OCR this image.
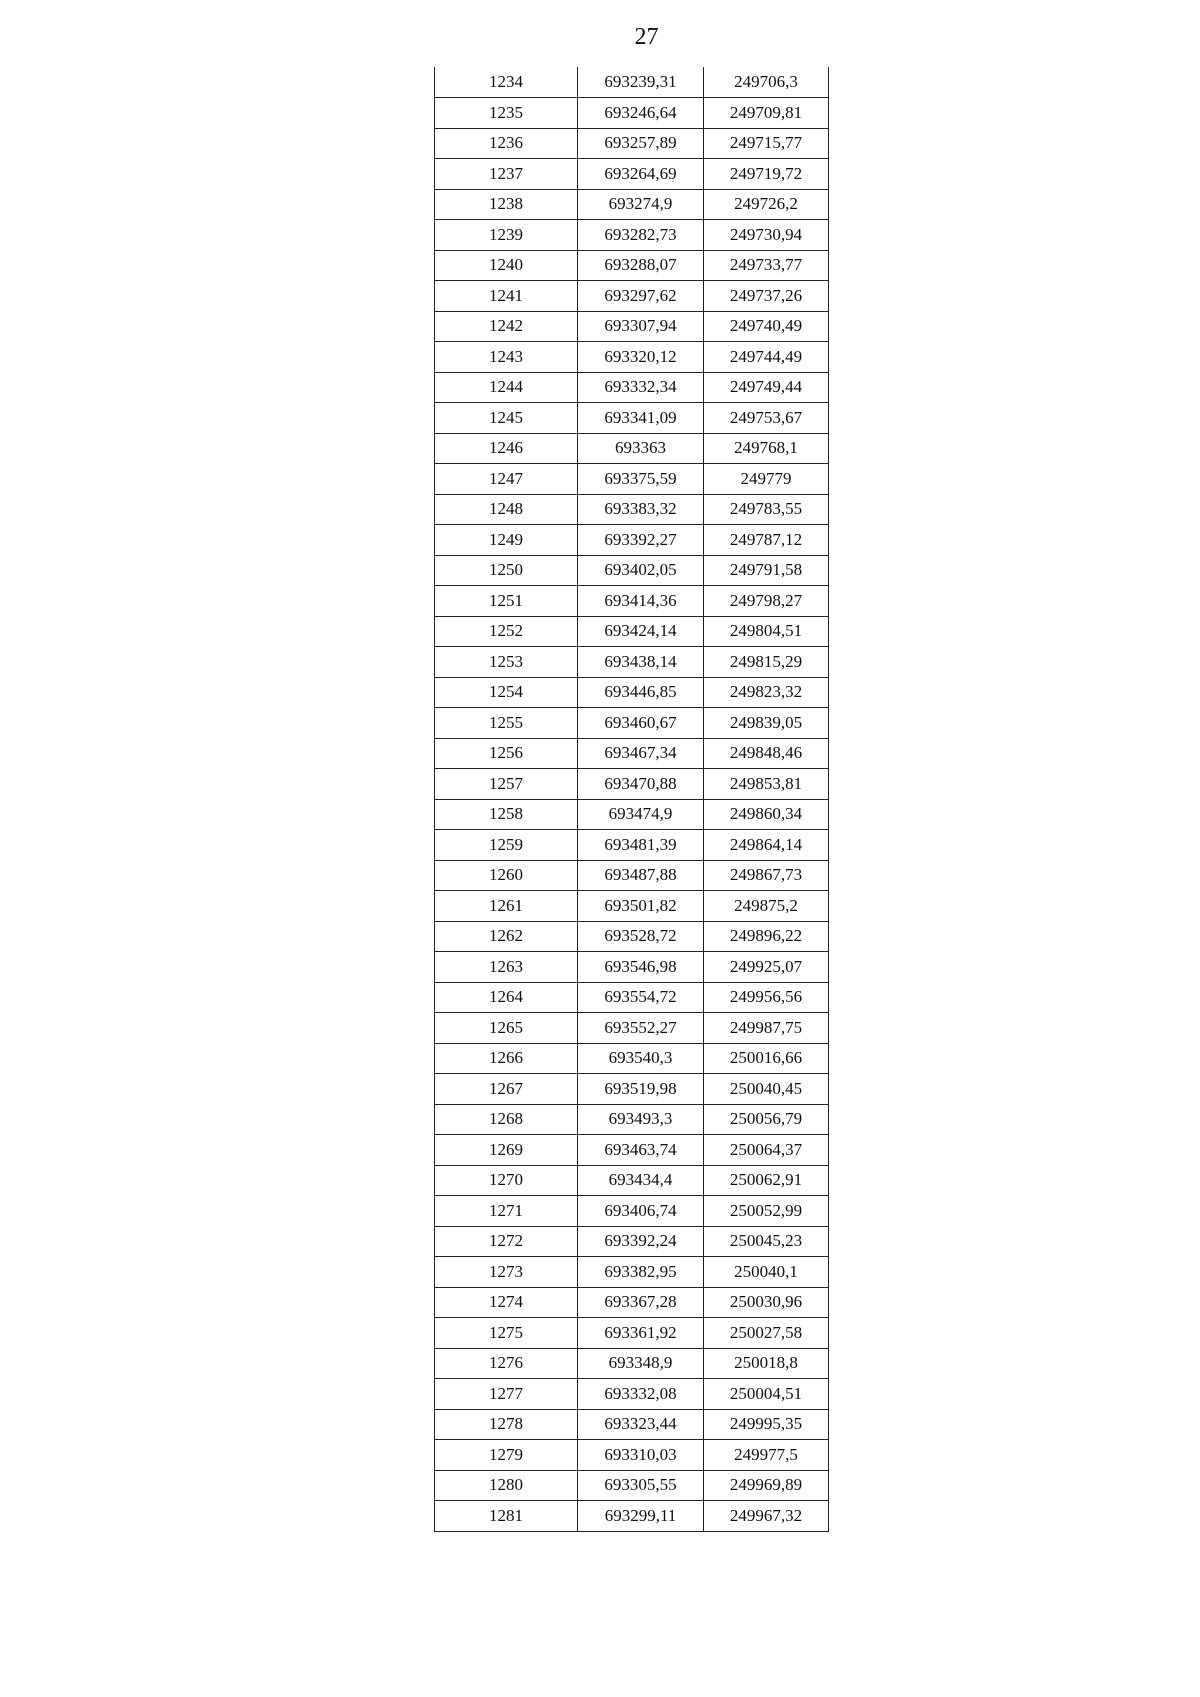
27
1234	693239,31	249706,3
1235	693246,64	249709,81
1236	693257,89	249715,77
1237	693264,69	249719,72
1238	693274,9	249726,2
1239	693282,73	249730,94
1240	693288,07	249733,77
1241	693297,62	249737,26
1242	693307,94	249740,49
1243	693320,12	249744,49
1244	693332,34	249749,44
1245	693341,09	249753,67
1246	693363	249768,1
1247	693375,59	249779
1248	693383,32	249783,55
1249	693392,27	249787,12
1250	693402,05	249791,58
1251	693414,36	249798,27
1252	693424,14	249804,51
1253	693438,14	249815,29
1254	693446,85	249823,32
1255	693460,67	249839,05
1256	693467,34	249848,46
1257	693470,88	249853,81
1258	693474,9	249860,34
1259	693481,39	249864,14
1260	693487,88	249867,73
1261	693501,82	249875,2
1262	693528,72	249896,22
1263	693546,98	249925,07
1264	693554,72	249956,56
1265	693552,27	249987,75
1266	693540,3	250016,66
1267	693519,98	250040,45
1268	693493,3	250056,79
1269	693463,74	250064,37
1270	693434,4	250062,91
1271	693406,74	250052,99
1272	693392,24	250045,23
1273	693382,95	250040,1
1274	693367,28	250030,96
1275	693361,92	250027,58
1276	693348,9	250018,8
1277	693332,08	250004,51
1278	693323,44	249995,35
1279	693310,03	249977,5
1280	693305,55	249969,89
1281	693299,11	249967,32
